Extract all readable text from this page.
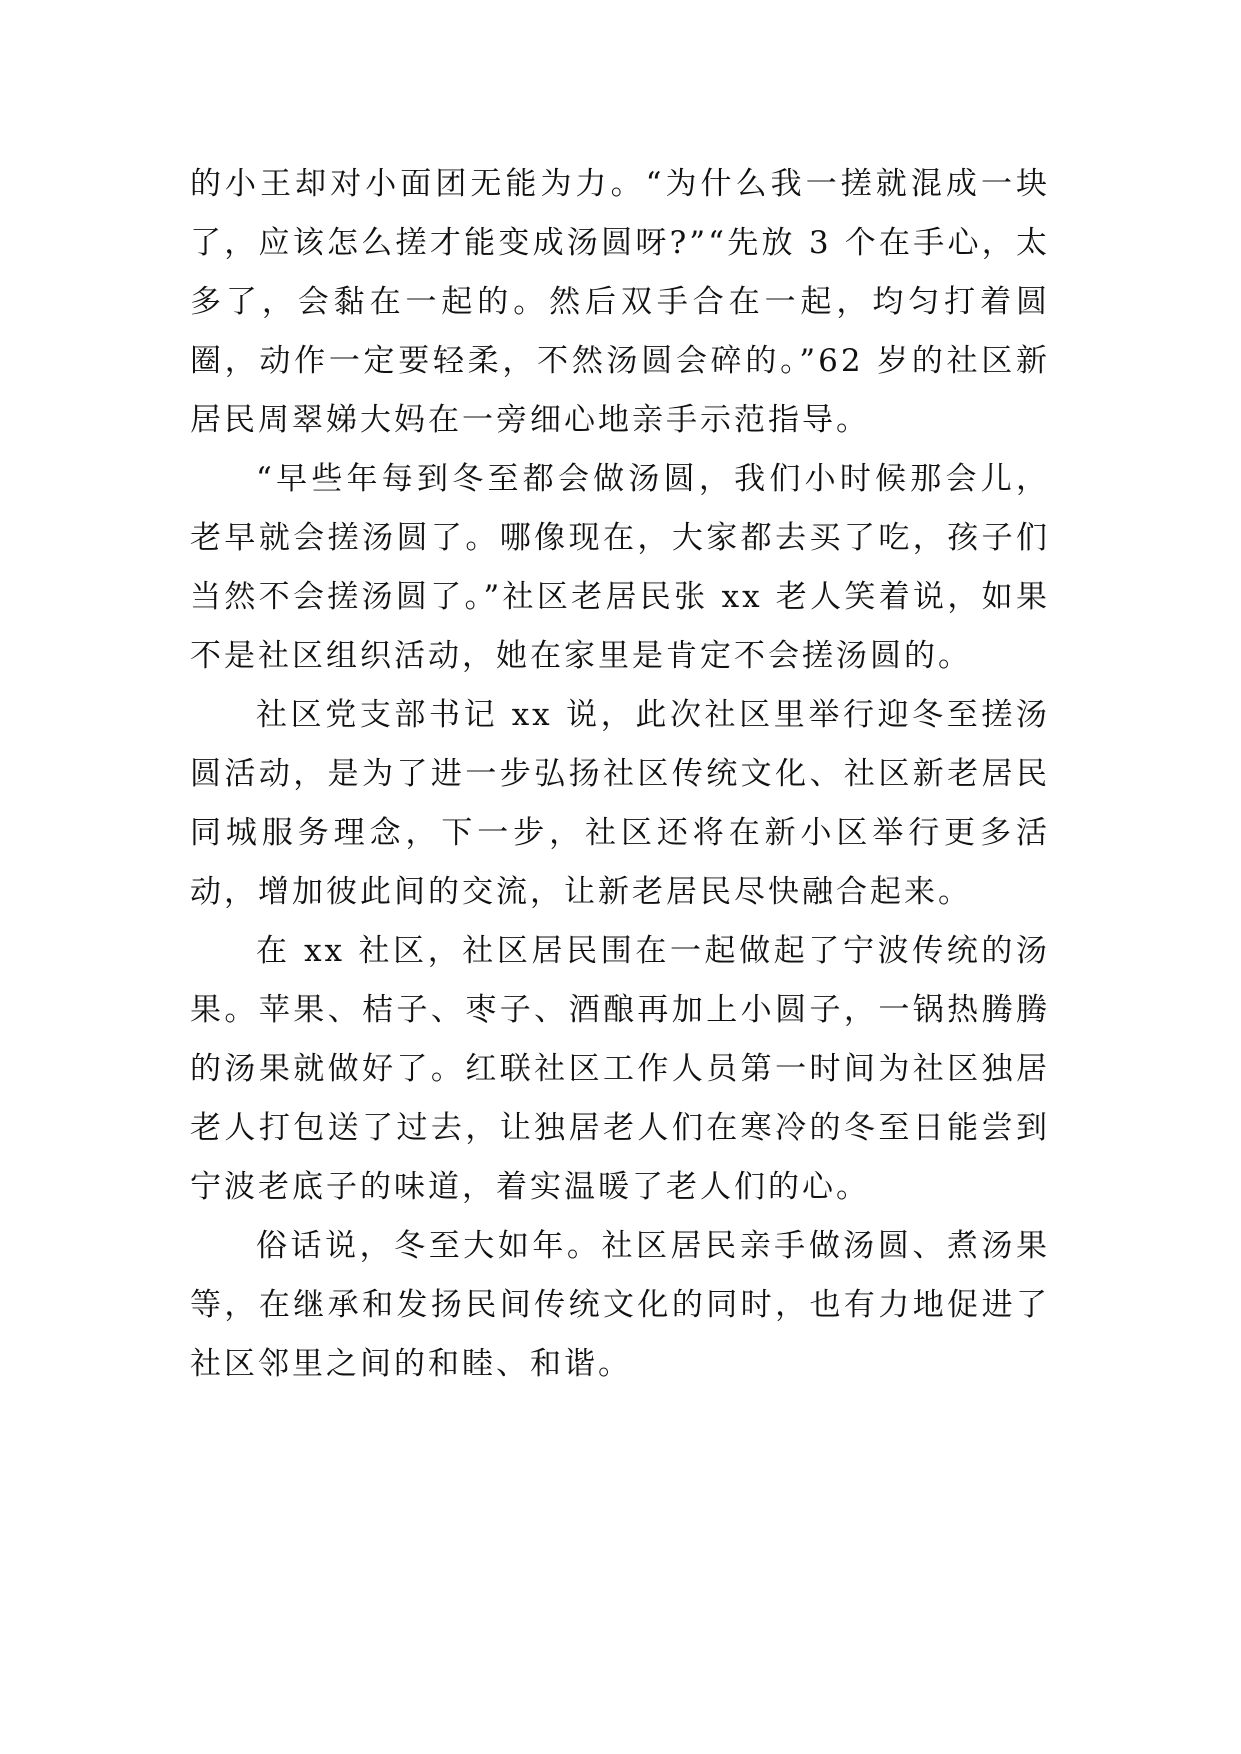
的小王却对小面团无能为力。“为什么我一搓就混成一块了，应该怎么搓才能变成汤圆呀?”“先放 3 个在手心，太多了，会黏在一起的。然后双手合在一起，均匀打着圆圈，动作一定要轻柔，不然汤圆会碎的。”62 岁的社区新居民周翠娣大妈在一旁细心地亲手示范指导。

“早些年每到冬至都会做汤圆，我们小时候那会儿，老早就会搓汤圆了。哪像现在，大家都去买了吃，孩子们当然不会搓汤圆了。”社区老居民张 xx 老人笑着说，如果不是社区组织活动，她在家里是肯定不会搓汤圆的。

社区党支部书记 xx 说，此次社区里举行迎冬至搓汤圆活动，是为了进一步弘扬社区传统文化、社区新老居民同城服务理念，下一步，社区还将在新小区举行更多活动，增加彼此间的交流，让新老居民尽快融合起来。

在 xx 社区，社区居民围在一起做起了宁波传统的汤果。苹果、桔子、枣子、酒酿再加上小圆子，一锅热腾腾的汤果就做好了。红联社区工作人员第一时间为社区独居老人打包送了过去，让独居老人们在寒冷的冬至日能尝到宁波老底子的味道，着实温暖了老人们的心。

俗话说，冬至大如年。社区居民亲手做汤圆、煮汤果等，在继承和发扬民间传统文化的同时，也有力地促进了社区邻里之间的和睦、和谐。
